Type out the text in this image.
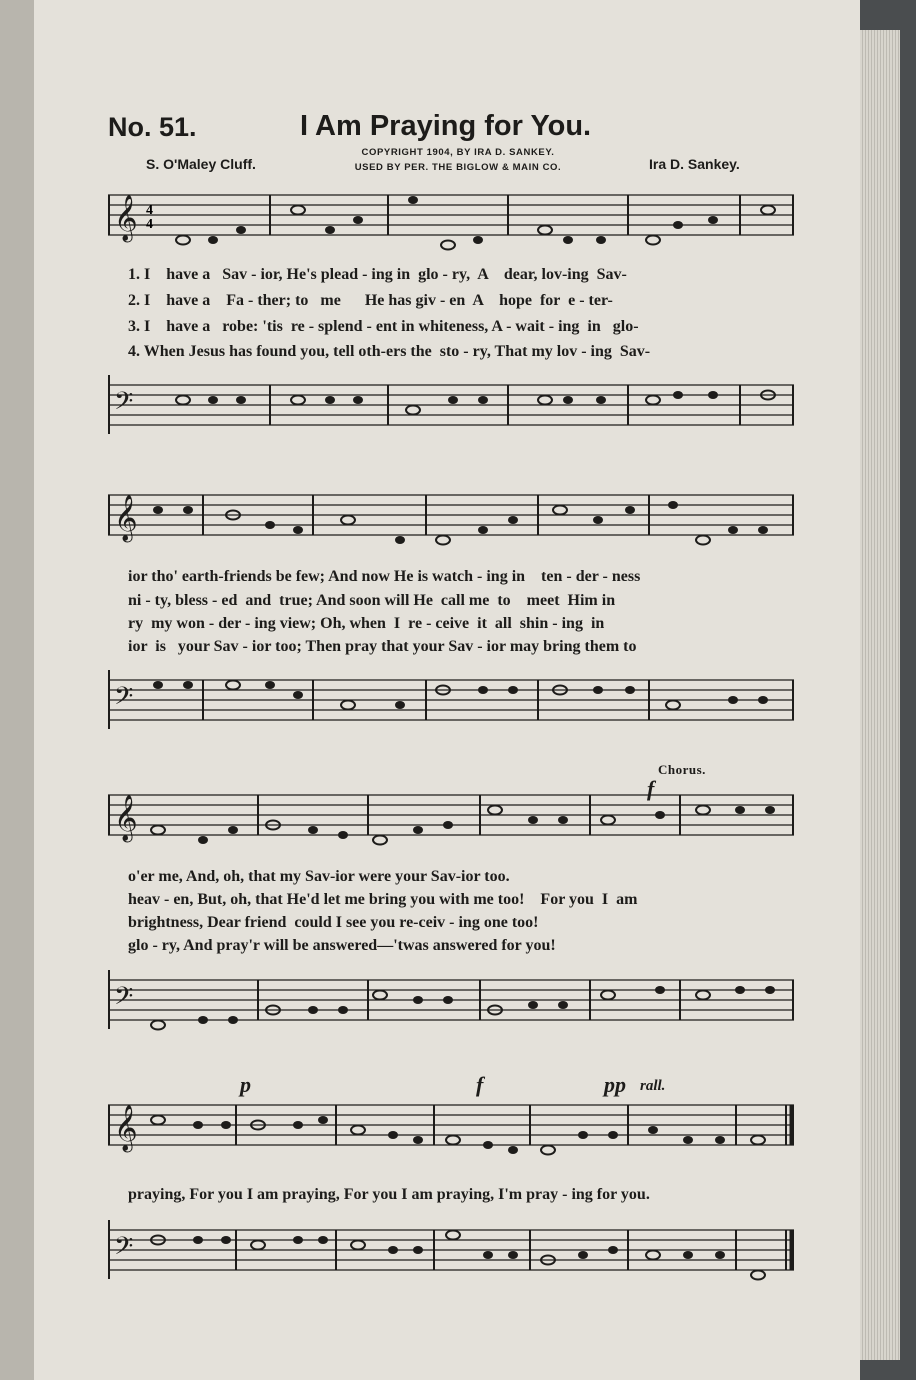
No. 51.	I Am Praying for You.
COPYRIGHT 1904, BY IRA D. SANKEY.
USED BY PER. THE BIGLOW & MAIN CO.
S. O'Maley Cluff.	Ira D. Sankey.
𝄞 4
4
1. I    have a   Sav - ior, He's plead - ing in  glo - ry,  A    dear, lov-ing  Sav-
2. I    have a    Fa - ther; to   me      He has giv - en  A    hope  for  e - ter-
3. I    have a   robe: 'tis  re - splend - ent in whiteness, A - wait - ing  in   glo-
4. When Jesus has found you, tell oth-ers the  sto - ry, That my lov - ing  Sav-
𝄢
𝄞
ior tho' earth-friends be few; And now He is watch - ing in    ten - der - ness
ni - ty, bless - ed  and  true; And soon will He  call me  to    meet  Him in
ry  my won - der - ing view; Oh, when  I  re - ceive  it  all  shin - ing  in
ior  is   your Sav - ior too; Then pray that your Sav - ior may bring them to
𝄢
Chorus.
f
𝄞
o'er me, And, oh, that my Sav-ior were your Sav-ior too.
heav - en, But, oh, that He'd let me bring you with me too!    For you  I  am
brightness, Dear friend  could I see you re-ceiv - ing one too!
glo - ry, And pray'r will be answered—'twas answered for you!
𝄢
p	f	pp rall.
𝄞
praying, For you I am praying, For you I am praying, I'm pray - ing for you.
𝄢
